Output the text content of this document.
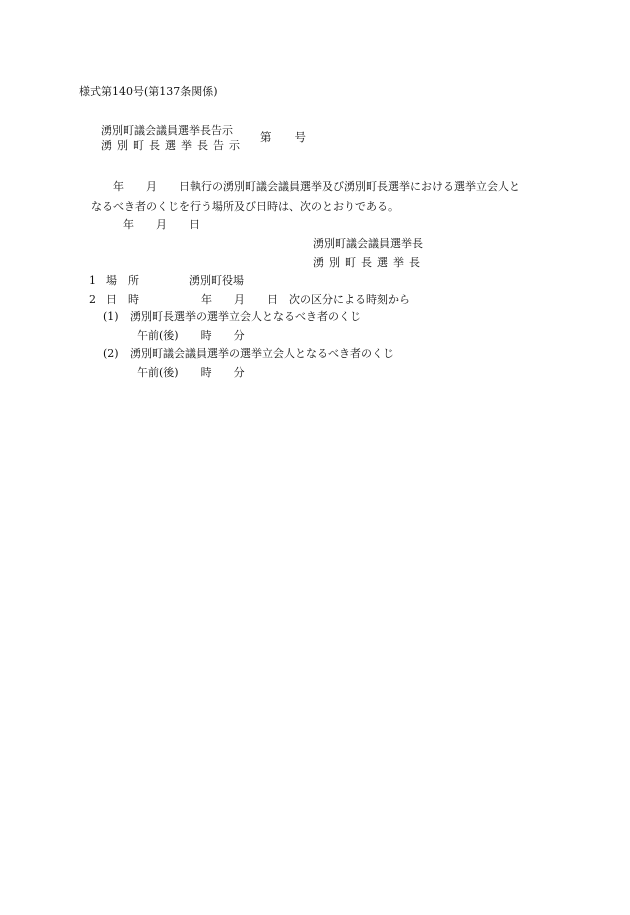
様式第140号(第137条関係)
湧別町議会議員選挙長告示
湧別町長選挙長告示
第　　号
　　年　　月　　日執行の湧別町議会議員選挙及び湧別町長選挙における選挙立会人と
なるべき者のくじを行う場所及び日時は、次のとおりである。
　　年　　月　　日
湧別町議会議員選挙長
湧別町長選挙長
1 場　所	湧別町役場
2 日　時	　　年　　月　　日　次の区分による時刻から
(1) 湧別町長選挙の選挙立会人となるべき者のくじ
午前(後)　　時　　分
(2) 湧別町議会議員選挙の選挙立会人となるべき者のくじ
午前(後)　　時　　分
